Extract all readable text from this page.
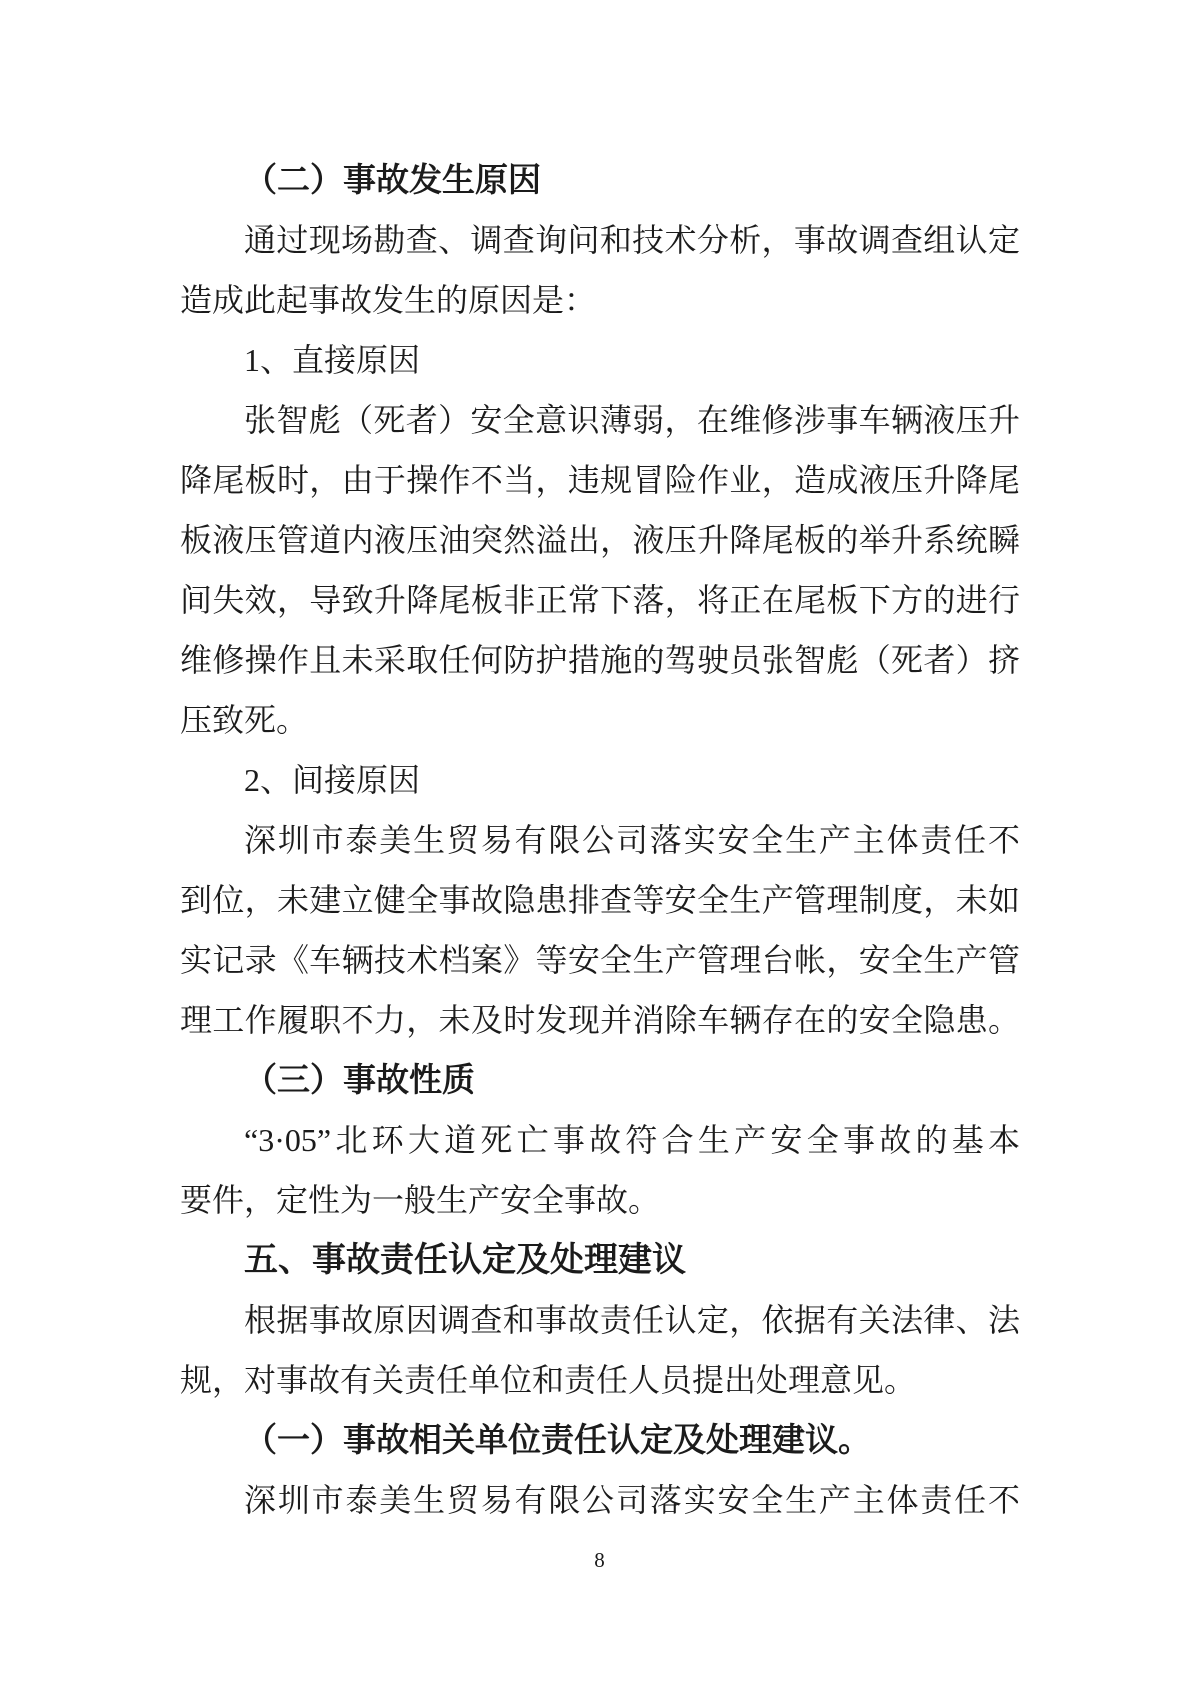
（二）事故发生原因
通过现场勘查、调查询问和技术分析，事故调查组认定
造成此起事故发生的原因是：
1、直接原因
张智彪（死者）安全意识薄弱，在维修涉事车辆液压升
降尾板时，由于操作不当，违规冒险作业，造成液压升降尾
板液压管道内液压油突然溢出，液压升降尾板的举升系统瞬
间失效，导致升降尾板非正常下落，将正在尾板下方的进行
维修操作且未采取任何防护措施的驾驶员张智彪（死者）挤
压致死。
2、间接原因
深圳市泰美生贸易有限公司落实安全生产主体责任不
到位，未建立健全事故隐患排查等安全生产管理制度，未如
实记录《车辆技术档案》等安全生产管理台帐，安全生产管
理工作履职不力，未及时发现并消除车辆存在的安全隐患。
（三）事故性质
“3·05”北环大道死亡事故符合生产安全事故的基本
要件，定性为一般生产安全事故。
五、事故责任认定及处理建议
根据事故原因调查和事故责任认定，依据有关法律、法
规，对事故有关责任单位和责任人员提出处理意见。
（一）事故相关单位责任认定及处理建议。
深圳市泰美生贸易有限公司落实安全生产主体责任不
8
